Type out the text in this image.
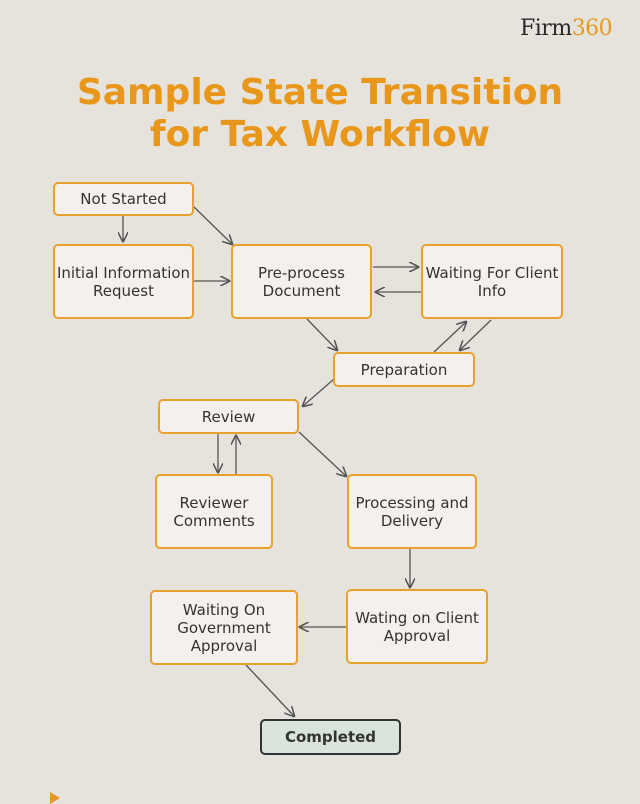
Firm360
Sample State Transition
for Tax Workflow
Not Started
Initial Information Request
Pre-process Document
Waiting For Client Info
Preparation
Review
Reviewer Comments
Processing and Delivery
Waiting On Government Approval
Wating on Client Approval
Completed
